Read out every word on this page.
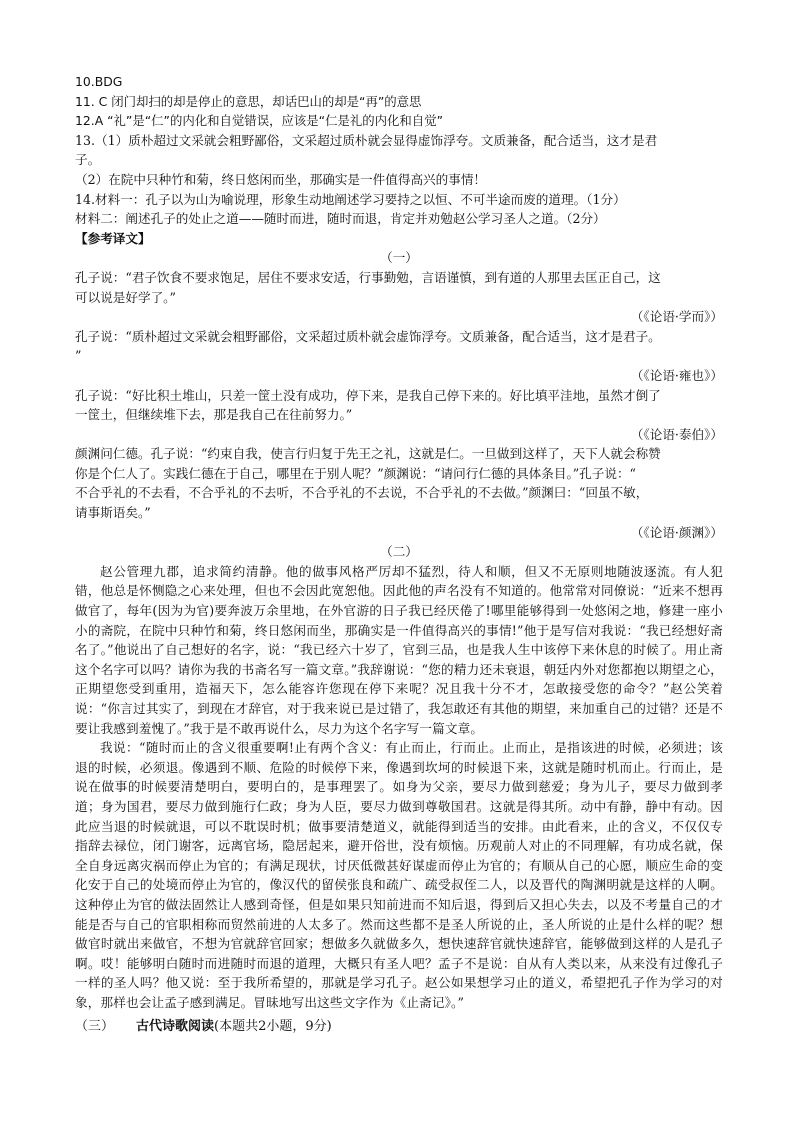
10.BDG

11. C 闭门却扫的却是停止的意思，却话巴山的却是“再”的意思

12.A “礼”是“仁”的内化和自觉错误，应该是“仁是礼的内化和自觉”

13.（1）质朴超过文采就会粗野鄙俗，文采超过质朴就会显得虚饰浮夸。文质兼备，配合适当，这才是君

子。

（2）在院中只种竹和菊，终日悠闲而坐，那确实是一件值得高兴的事情！

14.材料一：孔子以为山为喻说理，形象生动地阐述学习要持之以恒、不可半途而废的道理。（1分）

材料二：阐述孔子的处止之道——随时而进，随时而退，肯定并劝勉赵公学习圣人之道。（2分）

【参考译文】

（一）

孔子说：“君子饮食不要求饱足，居住不要求安适，行事勤勉，言语谨慎，到有道的人那里去匡正自己，这

可以说是好学了。”

（《论语·学而》）

孔子说：“质朴超过文采就会粗野鄙俗，文采超过质朴就会虚饰浮夸。文质兼备，配合适当，这才是君子。

”

（《论语·雍也》）

孔子说：“好比积土堆山，只差一筐土没有成功，停下来，是我自己停下来的。好比填平洼地，虽然才倒了

一筐土，但继续堆下去，那是我自己在往前努力。”

（《论语·泰伯》）

颜渊问仁德。孔子说：“约束自我，使言行归复于先王之礼，这就是仁。一旦做到这样了，天下人就会称赞

你是个仁人了。实践仁德在于自己，哪里在于别人呢？”颜渊说：“请问行仁德的具体条目。”孔子说：“

不合乎礼的不去看，不合乎礼的不去听，不合乎礼的不去说，不合乎礼的不去做。”颜渊曰：“回虽不敏，

请事斯语矣。”

（《论语·颜渊》）

（二）

赵公管理九郡，追求简约清静。他的做事风格严厉却不猛烈，待人和顺，但又不无原则地随波逐流。有人犯错，他总是怀恻隐之心来处理，但也不会因此宽恕他。因此他的声名没有不知道的。他常常对同僚说：“近来不想再做官了，每年(因为为官)要奔波万余里地，在外官游的日子我已经厌倦了!哪里能够得到一处悠闲之地，修建一座小小的斋院，在院中只种竹和菊，终日悠闲而坐，那确实是一件值得高兴的事情!”他于是写信对我说：“我已经想好斋名了。”他说出了自己想好的名字，说：“我已经六十岁了，官到三品，也是我人生中该停下来休息的时候了。用止斋这个名字可以吗？请你为我的书斋名写一篇文章。”我辞谢说：“您的精力还未衰退，朝廷内外对您都抱以期望之心，正期望您受到重用，造福天下，怎么能容许您现在停下来呢？况且我十分不才，怎敢接受您的命令？”赵公笑着说：“你言过其实了，到现在才辞官，对于我来说已是过错了，我怎敢还有其他的期望，来加重自己的过错？还是不要让我感到羞愧了。”我于是不敢再说什么，尽力为这个名字写一篇文章。

我说：“随时而止的含义很重要啊!止有两个含义：有止而止，行而止。止而止，是指该进的时候，必须进；该退的时候，必须退。像遇到不顺、危险的时候停下来，像遇到坎坷的时候退下来，这就是随时机而止。行而止，是说在做事的时候要清楚明白，要明白的，是事理罢了。如身为父亲，要尽力做到慈爱；身为儿子，要尽力做到孝道；身为国君，要尽力做到施行仁政；身为人臣，要尽力做到尊敬国君。这就是得其所。动中有静，静中有动。因此应当退的时候就退，可以不耽误时机；做事要清楚道义，就能得到适当的安排。由此看来，止的含义，不仅仅专指辞去禄位，闭门谢客，远离官场，隐居起来，避开俗世，没有烦恼。历观前人对止的不同理解，有功成名就，保全自身远离灾祸而停止为官的；有满足现状，讨厌低微甚好谋虚而停止为官的；有顺从自己的心愿，顺应生命的变化安于自己的处境而停止为官的，像汉代的留侯张良和疏广、疏受叔侄二人，以及晋代的陶渊明就是这样的人啊。这种停止为官的做法固然让人感到奇怪，但是如果只知前进而不知后退，得到后又担心失去，以及不考量自己的才能是否与自己的官职相称而贸然前进的人太多了。然而这些都不是圣人所说的止，圣人所说的止是什么样的呢？想做官时就出来做官，不想为官就辞官回家；想做多久就做多久，想快速辞官就快速辞官，能够做到这样的人是孔子啊。哎！能够明白随时而进随时而退的道理，大概只有圣人吧？孟子不是说：自从有人类以来，从来没有过像孔子一样的圣人吗？他又说：至于我所希望的，那就是学习孔子。赵公如果想学习止的道义，希望把孔子作为学习的对象，那样也会让孟子感到满足。冒昧地写出这些文字作为《止斋记》。”

（三） 古代诗歌阅读(本题共2小题，9分)
